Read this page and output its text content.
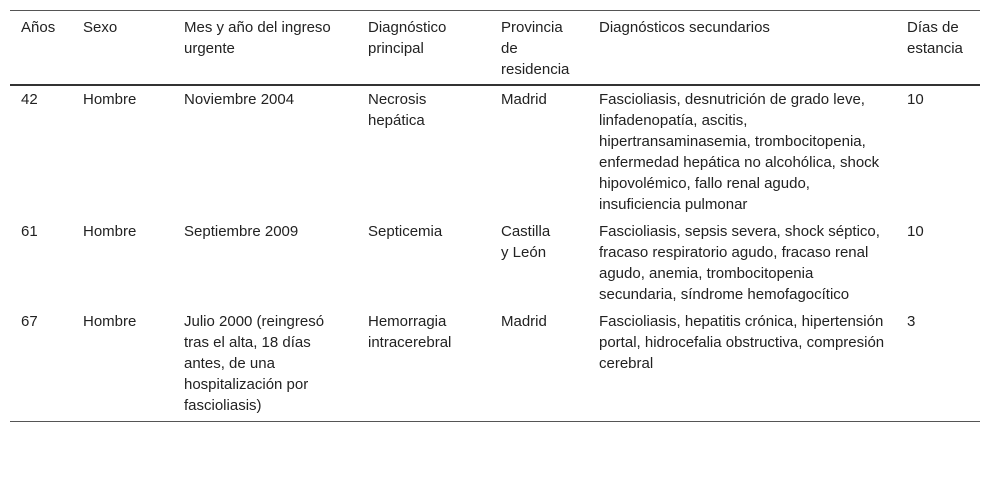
Años	Sexo	Mes y año del ingreso urgente	Diagnóstico principal	Provincia de residencia	Diagnósticos secundarios	Días de estancia
42	Hombre	Noviembre 2004	Necrosis hepática	Madrid	Fascioliasis, desnutrición de grado leve, linfadenopatía, ascitis, hipertransaminasemia, trombocitopenia, enfermedad hepática no alcohólica, shock hipovolémico, fallo renal agudo, insuficiencia pulmonar	10
61	Hombre	Septiembre 2009	Septicemia	Castilla y León	Fascioliasis, sepsis severa, shock séptico, fracaso respiratorio agudo, fracaso renal agudo, anemia, trombocitopenia secundaria, síndrome hemofagocítico	10
67	Hombre	Julio 2000 (reingresó tras el alta, 18 días antes, de una hospitalización por fascioliasis)	Hemorragia intracerebral	Madrid	Fascioliasis, hepatitis crónica, hipertensión portal, hidrocefalia obstructiva, compresión cerebral	3
